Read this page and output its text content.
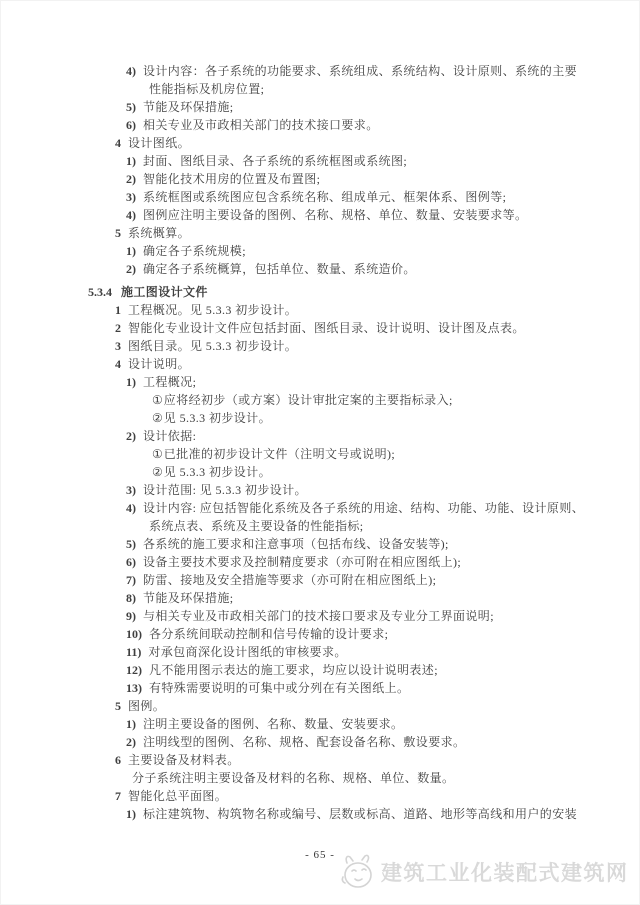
4) 设计内容：各子系统的功能要求、系统组成、系统结构、设计原则、系统的主要
性能指标及机房位置;
5) 节能及环保措施;
6) 相关专业及市政相关部门的技术接口要求。
4 设计图纸。
1) 封面、图纸目录、各子系统的系统框图或系统图;
2) 智能化技术用房的位置及布置图;
3) 系统框图或系统图应包含系统名称、组成单元、框架体系、图例等;
4) 图例应注明主要设备的图例、名称、规格、单位、数量、安装要求等。
5 系统概算。
1) 确定各子系统规模;
2) 确定各子系统概算，包括单位、数量、系统造价。
5.3.4 施工图设计文件
1 工程概况。见 5.3.3 初步设计。
2 智能化专业设计文件应包括封面、图纸目录、设计说明、设计图及点表。
3 图纸目录。见 5.3.3 初步设计。
4 设计说明。
1) 工程概况;
①应将经初步（或方案）设计审批定案的主要指标录入;
②见 5.3.3 初步设计。
2) 设计依据:
①已批准的初步设计文件（注明文号或说明);
②见 5.3.3 初步设计。
3) 设计范围: 见 5.3.3 初步设计。
4) 设计内容: 应包括智能化系统及各子系统的用途、结构、功能、功能、设计原则、
系统点表、系统及主要设备的性能指标;
5) 各系统的施工要求和注意事项（包括布线、设备安装等);
6) 设备主要技术要求及控制精度要求（亦可附在相应图纸上);
7) 防雷、接地及安全措施等要求（亦可附在相应图纸上);
8) 节能及环保措施;
9) 与相关专业及市政相关部门的技术接口要求及专业分工界面说明;
10) 各分系统间联动控制和信号传输的设计要求;
11) 对承包商深化设计图纸的审核要求。
12) 凡不能用图示表达的施工要求，均应以设计说明表述;
13) 有特殊需要说明的可集中或分列在有关图纸上。
5 图例。
1) 注明主要设备的图例、名称、数量、安装要求。
2) 注明线型的图例、名称、规格、配套设备名称、敷设要求。
6 主要设备及材料表。
分子系统注明主要设备及材料的名称、规格、单位、数量。
7 智能化总平面图。
1) 标注建筑物、构筑物名称或编号、层数或标高、道路、地形等高线和用户的安装
- 65 -
建筑工业化装配式建筑网
